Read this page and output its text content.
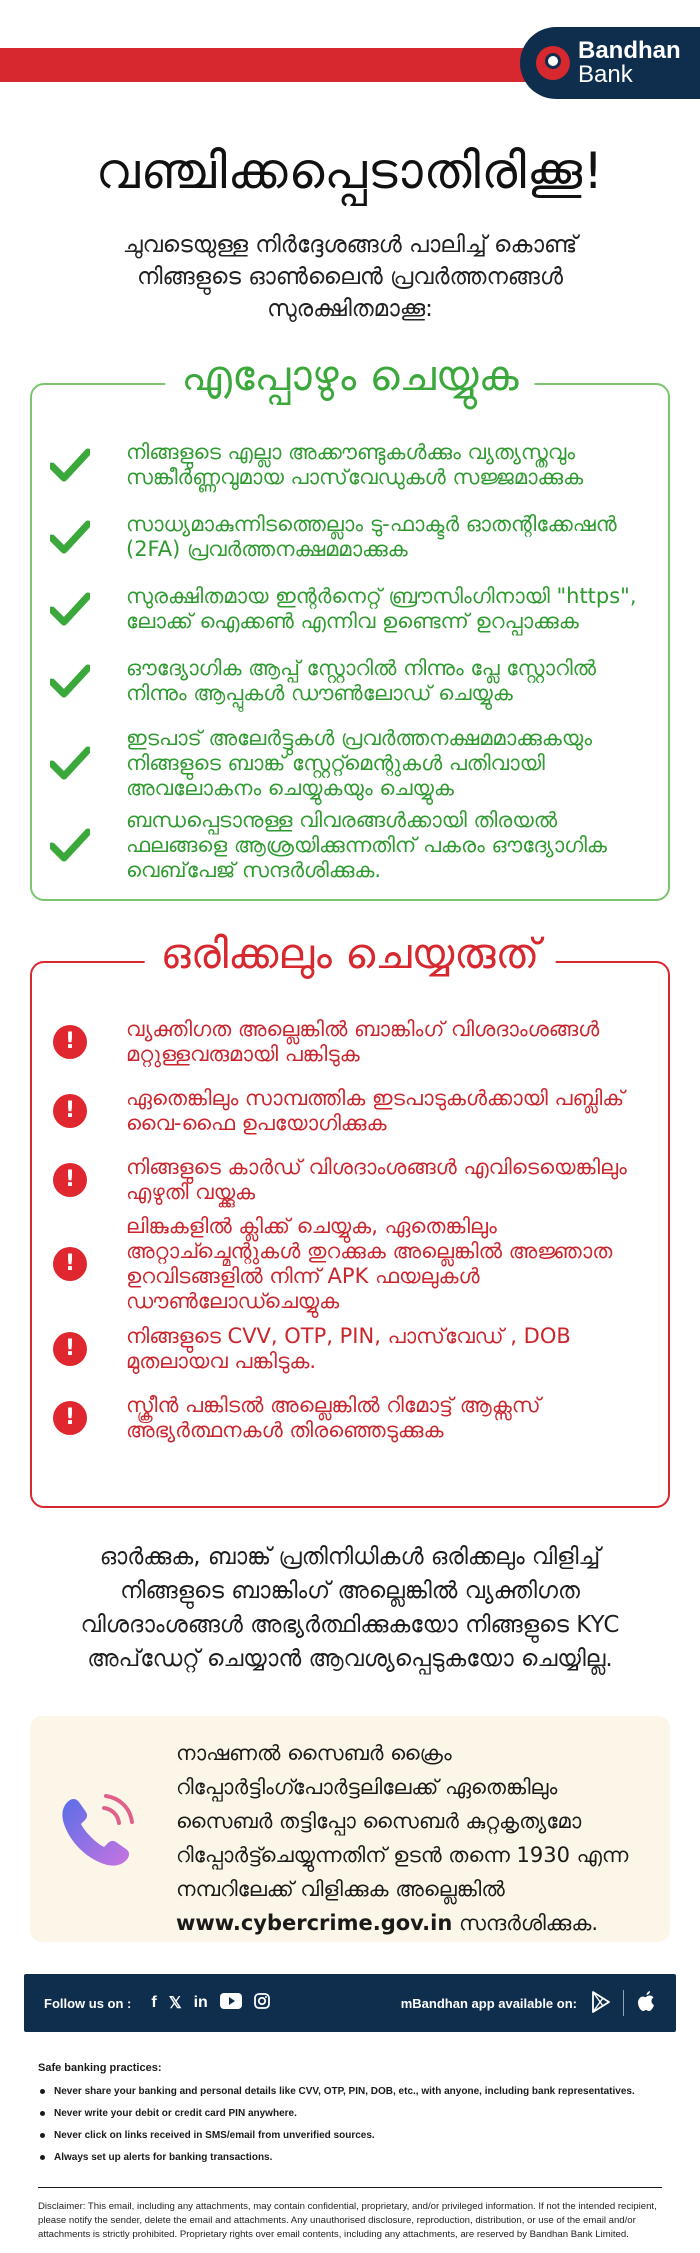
Bandhan
Bank
വഞ്ചിക്കപ്പെടാതിരിക്കൂ!

ചുവടെയുള്ള നിർദ്ദേശങ്ങൾ പാലിച്ച് കൊണ്ട് നിങ്ങളുടെ ഓൺലൈൻ പ്രവർത്തനങ്ങൾ സുരക്ഷിതമാക്കൂ:

എപ്പോഴും ചെയ്യുക
നിങ്ങളുടെ എല്ലാ അക്കൗണ്ടുകൾക്കും വ്യത്യസ്തവും സങ്കീർണ്ണവുമായ പാസ്‌വേഡുകൾ സജ്ജമാക്കുക
സാധ്യമാകുന്നിടത്തെല്ലാം ടു-ഫാക്ടർ ഓതന്റിക്കേഷൻ (2FA) പ്രവർത്തനക്ഷമമാക്കുക
സുരക്ഷിതമായ ഇന്റർനെറ്റ് ബ്രൗസിംഗിനായി "https", ലോക്ക് ഐക്കൺ എന്നിവ ഉണ്ടെന്ന് ഉറപ്പാക്കുക
ഔദ്യോഗിക ആപ്പ് സ്റ്റോറിൽ നിന്നും പ്ലേ സ്റ്റോറിൽ നിന്നും ആപ്പുകൾ ഡൗൺലോഡ് ചെയ്യുക
ഇടപാട് അലേർട്ടുകൾ പ്രവർത്തനക്ഷമമാക്കുകയും നിങ്ങളുടെ ബാങ്ക് സ്റ്റേറ്റ്മെന്റുകൾ പതിവായി അവലോകനം ചെയ്യുകയും ചെയ്യുക
ബന്ധപ്പെടാനുള്ള വിവരങ്ങൾക്കായി തിരയൽ ഫലങ്ങളെ ആശ്രയിക്കുന്നതിന് പകരം ഔദ്യോഗിക വെബ്‌പേജ് സന്ദർശിക്കുക.
ഒരിക്കലും ചെയ്യരുത്
!	വ്യക്തിഗത അല്ലെങ്കിൽ ബാങ്കിംഗ് വിശദാംശങ്ങൾ മറ്റുള്ളവരുമായി പങ്കിടുക
!	ഏതെങ്കിലും സാമ്പത്തിക ഇടപാടുകൾക്കായി പബ്ലിക് വൈ-ഫൈ ഉപയോഗിക്കുക
!	നിങ്ങളുടെ കാർഡ് വിശദാംശങ്ങൾ എവിടെയെങ്കിലും എഴുതി വയ്ക്കുക
!
ലിങ്കുകളിൽ ക്ലിക്ക് ചെയ്യുക, ഏതെങ്കിലും അറ്റാച്ച്മെന്റുകൾ തുറക്കുക അല്ലെങ്കിൽ അജ്ഞാത ഉറവിടങ്ങളിൽ നിന്ന് APK ഫയലുകൾ ഡൗൺലോഡ്ചെയ്യുക
!	നിങ്ങളുടെ CVV, OTP, PIN, പാസ്‌വേഡ് , DOB മുതലായവ പങ്കിടുക.
!	സ്ക്രീൻ പങ്കിടൽ അല്ലെങ്കിൽ റിമോട്ട് ആക്സസ് അഭ്യർത്ഥനകൾ തിരഞ്ഞെടുക്കുക

ഓർക്കുക, ബാങ്ക് പ്രതിനിധികൾ ഒരിക്കലും വിളിച്ച് നിങ്ങളുടെ ബാങ്കിംഗ് അല്ലെങ്കിൽ വ്യക്തിഗത വിശദാംശങ്ങൾ അഭ്യർത്ഥിക്കുകയോ നിങ്ങളുടെ KYC അപ്‌ഡേറ്റ് ചെയ്യാൻ ആവശ്യപ്പെടുകയോ ചെയ്യില്ല.

നാഷണൽ സൈബർ ക്രൈം റിപ്പോർട്ടിംഗ്പോർട്ടലിലേക്ക് ഏതെങ്കിലും സൈബർ തട്ടിപ്പോ സൈബർ കുറ്റകൃത്യമോ റിപ്പോർട്ട്ചെയ്യുന്നതിന് ഉടൻ തന്നെ 1930 എന്ന നമ്പറിലേക്ക് വിളിക്കുക അല്ലെങ്കിൽ www.cybercrime.gov.in സന്ദർശിക്കുക.
Follow us on : f 𝕏 in	mBandhan app available on:
Safe banking practices:
Never share your banking and personal details like CVV, OTP, PIN, DOB, etc., with anyone, including bank representatives.
Never write your debit or credit card PIN anywhere.
Never click on links received in SMS/email from unverified sources.
Always set up alerts for banking transactions.

Disclaimer: This email, including any attachments, may contain confidential, proprietary, and/or privileged information. If not the intended recipient, please notify the sender, delete the email and attachments. Any unauthorised disclosure, reproduction, distribution, or use of the email and/or attachments is strictly prohibited. Proprietary rights over email contents, including any attachments, are reserved by Bandhan Bank Limited.
